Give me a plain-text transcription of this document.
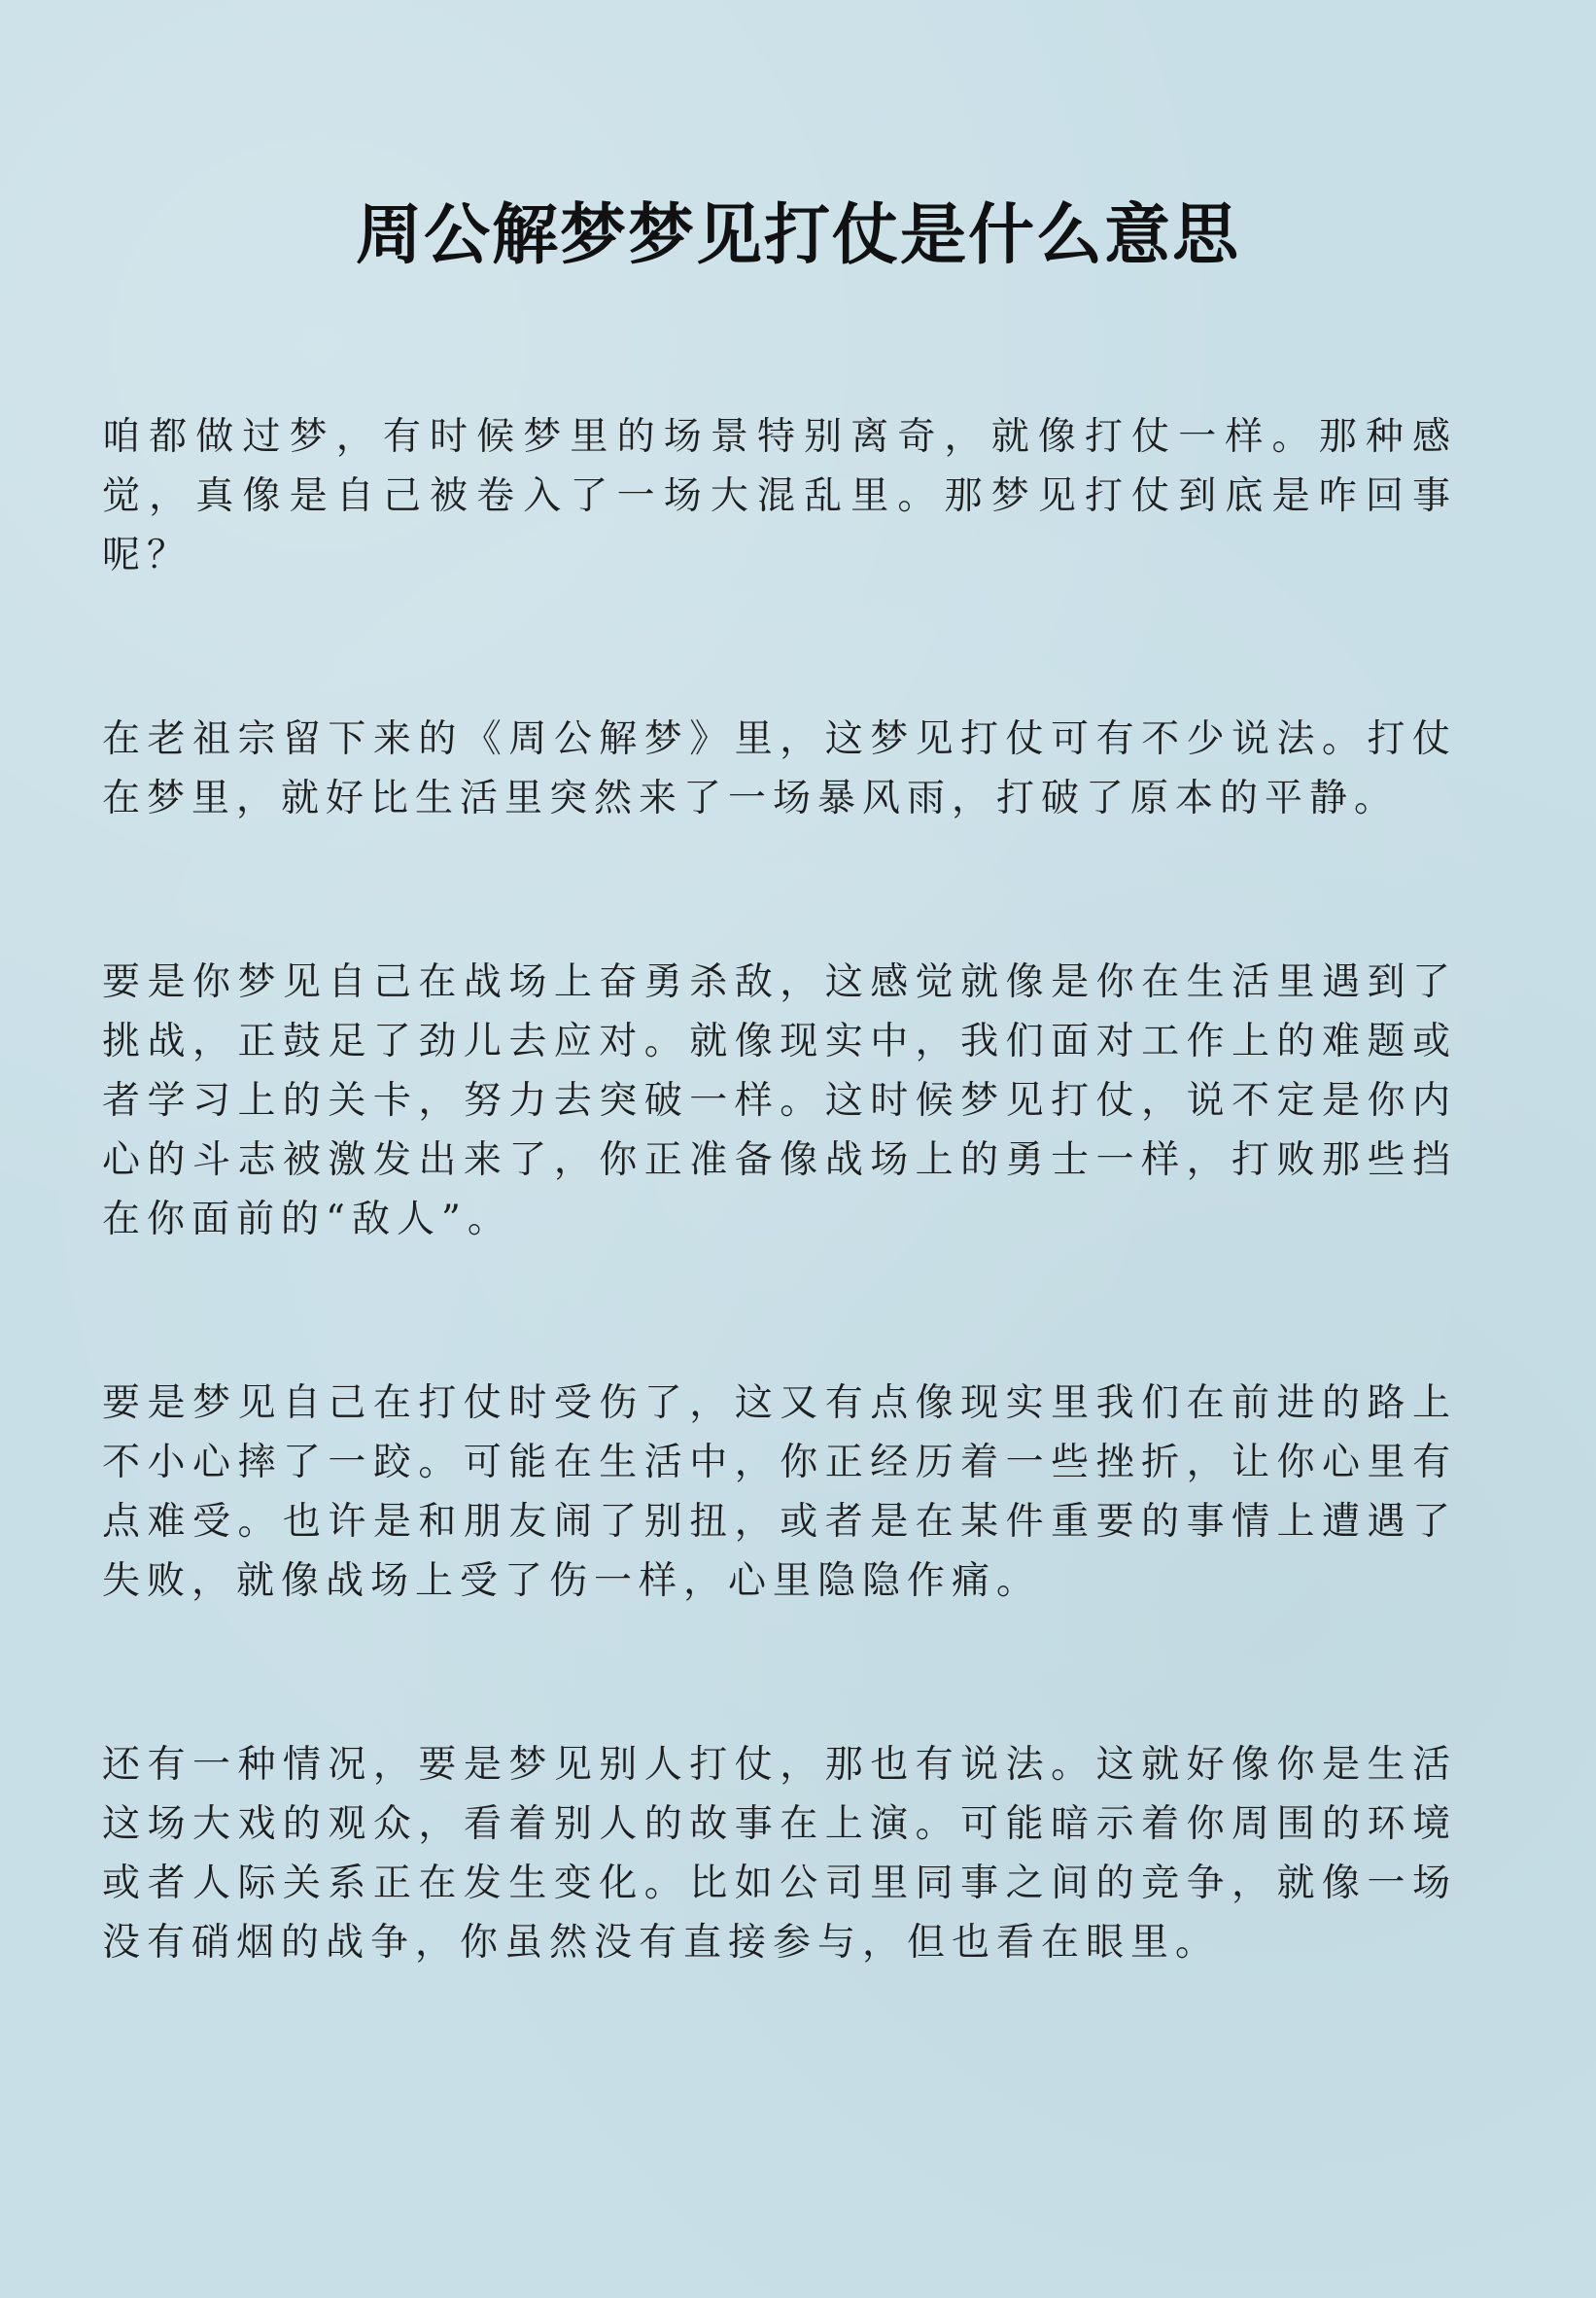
周公解梦梦见打仗是什么意思

咱都做过梦，有时候梦里的场景特别离奇，就像打仗一样。那种感觉，真像是自己被卷入了一场大混乱里。那梦见打仗到底是咋回事呢？

在老祖宗留下来的《周公解梦》里，这梦见打仗可有不少说法。打仗在梦里，就好比生活里突然来了一场暴风雨，打破了原本的平静。

要是你梦见自己在战场上奋勇杀敌，这感觉就像是你在生活里遇到了挑战，正鼓足了劲儿去应对。就像现实中，我们面对工作上的难题或者学习上的关卡，努力去突破一样。这时候梦见打仗，说不定是你内心的斗志被激发出来了，你正准备像战场上的勇士一样，打败那些挡在你面前的“敌人”。

要是梦见自己在打仗时受伤了，这又有点像现实里我们在前进的路上不小心摔了一跤。可能在生活中，你正经历着一些挫折，让你心里有点难受。也许是和朋友闹了别扭，或者是在某件重要的事情上遭遇了失败，就像战场上受了伤一样，心里隐隐作痛。

还有一种情况，要是梦见别人打仗，那也有说法。这就好像你是生活这场大戏的观众，看着别人的故事在上演。可能暗示着你周围的环境或者人际关系正在发生变化。比如公司里同事之间的竞争，就像一场没有硝烟的战争，你虽然没有直接参与，但也看在眼里。
